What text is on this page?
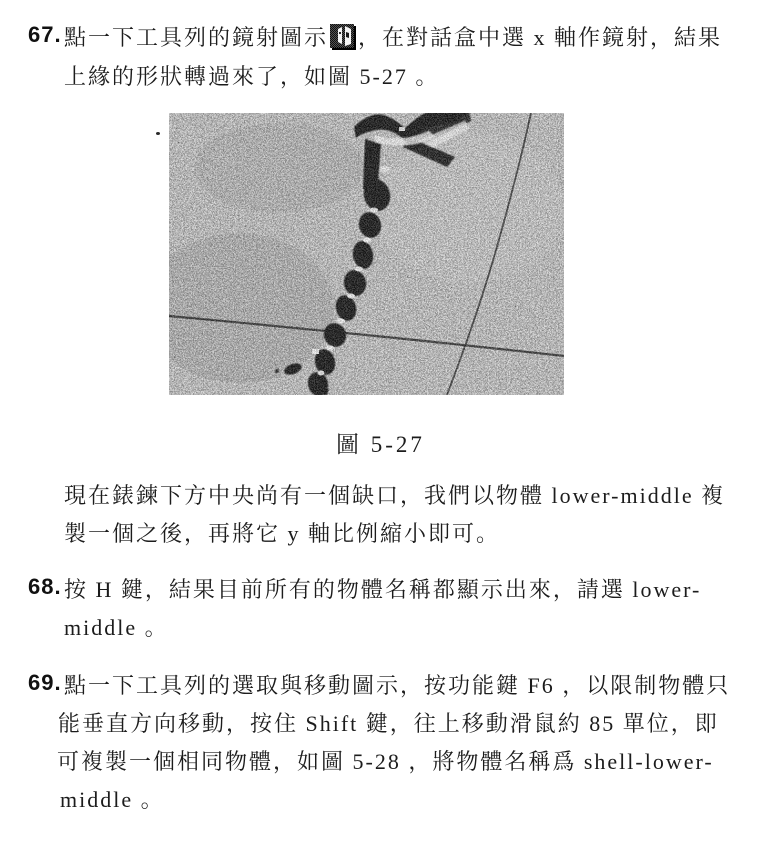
67. 點一下工具列的鏡射圖示 ，在對話盒中選 x 軸作鏡射，結果
上緣的形狀轉過來了，如圖 5-27 。
圖 5-27
現在錶鍊下方中央尚有一個缺口，我們以物體 lower-middle 複
製一個之後，再將它 y 軸比例縮小即可。
68. 按 H 鍵，結果目前所有的物體名稱都顯示出來，請選 lower-
middle 。
69. 點一下工具列的選取與移動圖示，按功能鍵 F6 ，以限制物體只
能垂直方向移動，按住 Shift 鍵，往上移動滑鼠約 85 單位，即
可複製一個相同物體，如圖 5-28 ，將物體名稱爲 shell-lower-
middle 。
